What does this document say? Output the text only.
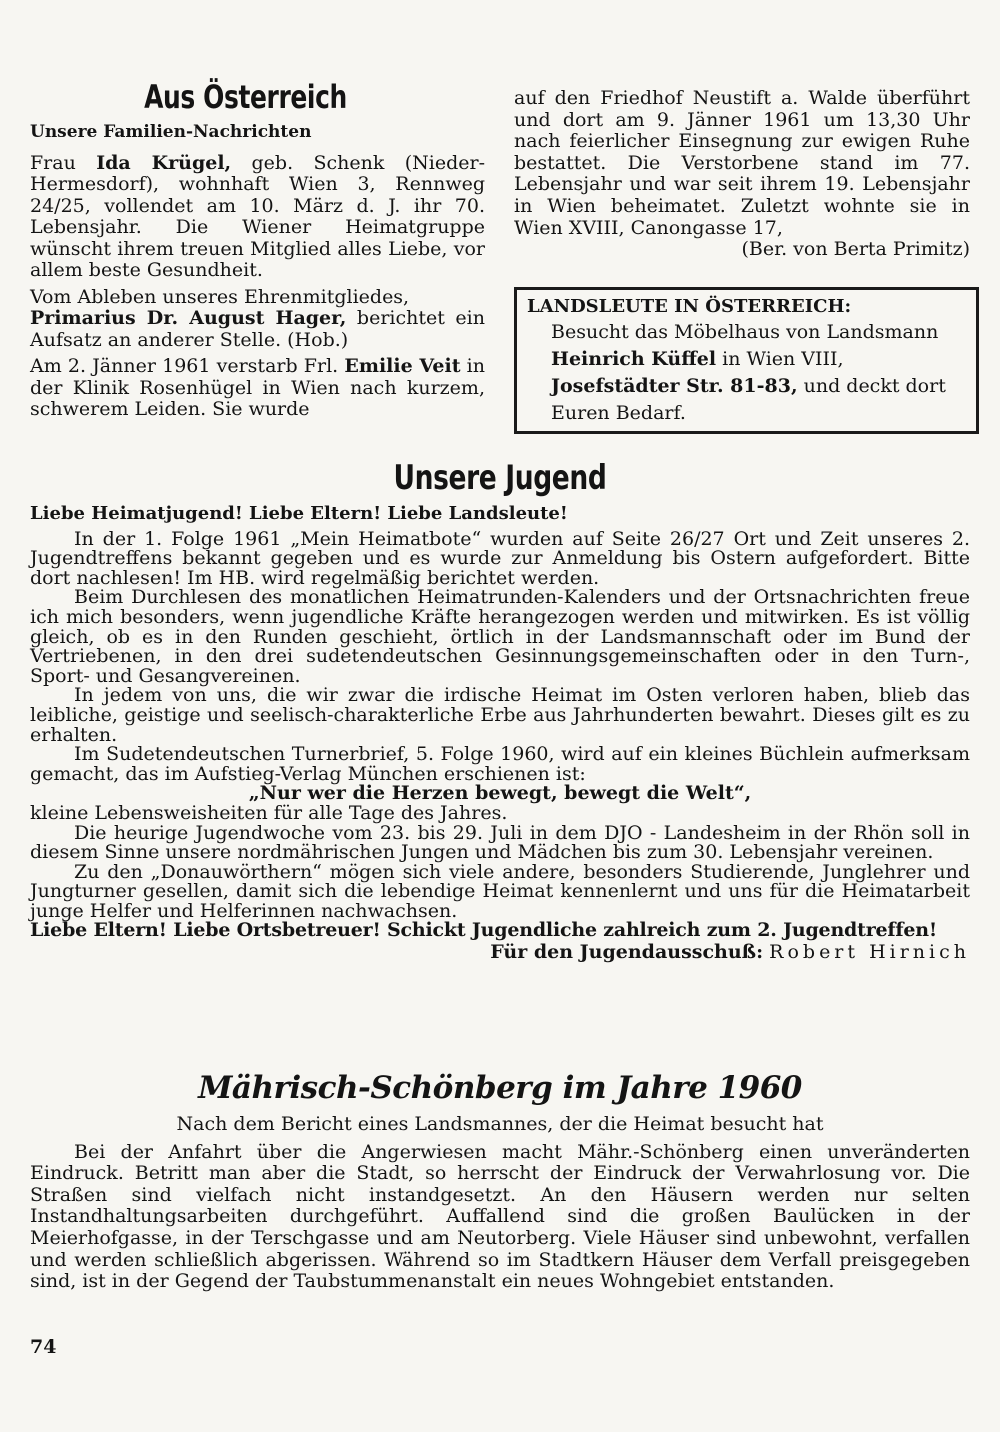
Aus Österreich

Unsere Familien-Nachrichten

Frau Ida Krügel, geb. Schenk (Nieder-Hermesdorf), wohnhaft Wien 3, Rennweg 24/25, vollendet am 10. März d. J. ihr 70. Lebensjahr. Die Wiener Heimatgruppe wünscht ihrem treuen Mitglied alles Liebe, vor allem beste Gesundheit.

Vom Ableben unseres Ehrenmitgliedes,
Primarius Dr. August Hager, berichtet ein Aufsatz an anderer Stelle. (Hob.)

Am 2. Jänner 1961 verstarb Frl. Emilie Veit in der Klinik Rosenhügel in Wien nach kurzem, schwerem Leiden. Sie wurde

auf den Friedhof Neustift a. Walde überführt und dort am 9. Jänner 1961 um 13,30 Uhr nach feierlicher Einsegnung zur ewigen Ruhe bestattet. Die Verstorbene stand im 77. Lebensjahr und war seit ihrem 19. Lebensjahr in Wien beheimatet. Zuletzt wohnte sie in Wien XVIII, Canongasse 17,

(Ber. von Berta Primitz)

LANDSLEUTE IN ÖSTERREICH:
Besucht das Möbelhaus von Landsmann Heinrich Küffel in Wien VIII, Josefstädter Str. 81-83, und deckt dort Euren Bedarf.
Unsere Jugend

Liebe Heimatjugend! Liebe Eltern! Liebe Landsleute!

In der 1. Folge 1961 „Mein Heimatbote“ wurden auf Seite 26/27 Ort und Zeit unseres 2. Jugendtreffens bekannt gegeben und es wurde zur Anmeldung bis Ostern aufgefordert. Bitte dort nachlesen! Im HB. wird regelmäßig berichtet werden.

Beim Durchlesen des monatlichen Heimatrunden-Kalenders und der Ortsnachrichten freue ich mich besonders, wenn jugendliche Kräfte herangezogen werden und mitwirken. Es ist völlig gleich, ob es in den Runden geschieht, örtlich in der Landsmannschaft oder im Bund der Vertriebenen, in den drei sudetendeutschen Gesinnungsgemeinschaften oder in den Turn-, Sport- und Gesangvereinen.

In jedem von uns, die wir zwar die irdische Heimat im Osten verloren haben, blieb das leibliche, geistige und seelisch-charakterliche Erbe aus Jahrhunderten bewahrt. Dieses gilt es zu erhalten.

Im Sudetendeutschen Turnerbrief, 5. Folge 1960, wird auf ein kleines Büchlein aufmerksam gemacht, das im Aufstieg-Verlag München erschienen ist:

„Nur wer die Herzen bewegt, bewegt die Welt“,

kleine Lebensweisheiten für alle Tage des Jahres.

Die heurige Jugendwoche vom 23. bis 29. Juli in dem DJO - Landesheim in der Rhön soll in diesem Sinne unsere nordmährischen Jungen und Mädchen bis zum 30. Lebensjahr vereinen.

Zu den „Donauwörthern“ mögen sich viele andere, besonders Studierende, Junglehrer und Jungturner gesellen, damit sich die lebendige Heimat kennenlernt und uns für die Heimatarbeit junge Helfer und Helferinnen nachwachsen.

Liebe Eltern! Liebe Ortsbetreuer! Schickt Jugendliche zahlreich zum 2. Jugendtreffen!

Für den Jugendausschuß: Robert Hirnich

Mährisch-Schönberg im Jahre 1960

Nach dem Bericht eines Landsmannes, der die Heimat besucht hat

Bei der Anfahrt über die Angerwiesen macht Mähr.-Schönberg einen unveränderten Eindruck. Betritt man aber die Stadt, so herrscht der Eindruck der Verwahrlosung vor. Die Straßen sind vielfach nicht instandgesetzt. An den Häusern werden nur selten Instandhaltungsarbeiten durchgeführt. Auffallend sind die großen Baulücken in der Meierhofgasse, in der Terschgasse und am Neutorberg. Viele Häuser sind unbewohnt, verfallen und werden schließlich abgerissen. Während so im Stadtkern Häuser dem Verfall preisgegeben sind, ist in der Gegend der Taubstummenanstalt ein neues Wohngebiet entstanden.

74
